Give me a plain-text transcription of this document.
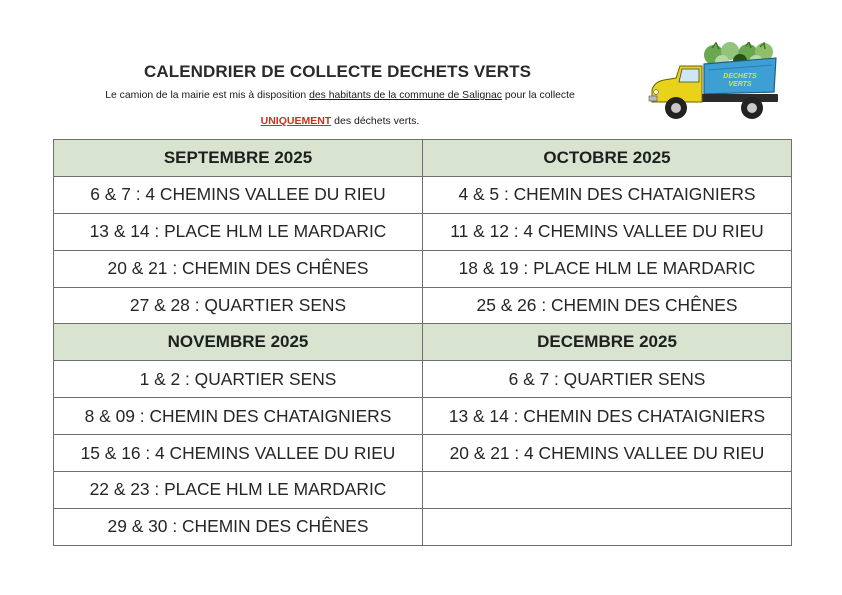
CALENDRIER DE COLLECTE DECHETS VERTS
Le camion de la mairie est mis à disposition des habitants de la commune de Salignac pour la collecte
UNIQUEMENT des déchets verts.
DECHETS
VERTS
SEPTEMBRE 2025	OCTOBRE 2025
6 & 7 : 4 CHEMINS VALLEE DU RIEU	4 & 5 : CHEMIN DES CHATAIGNIERS
13 & 14 : PLACE HLM LE MARDARIC	11 & 12 : 4 CHEMINS VALLEE DU RIEU
20 & 21 : CHEMIN DES CHÊNES	18 & 19 : PLACE HLM LE MARDARIC
27 & 28 : QUARTIER SENS	25 & 26 : CHEMIN DES CHÊNES
NOVEMBRE 2025	DECEMBRE 2025
1 & 2 : QUARTIER SENS	6 & 7 : QUARTIER SENS
8 & 09 : CHEMIN DES CHATAIGNIERS	13 & 14 : CHEMIN DES CHATAIGNIERS
15 & 16 : 4 CHEMINS VALLEE DU RIEU	20 & 21 : 4 CHEMINS VALLEE DU RIEU
22 & 23 : PLACE HLM LE MARDARIC	
29 & 30 : CHEMIN DES CHÊNES	
